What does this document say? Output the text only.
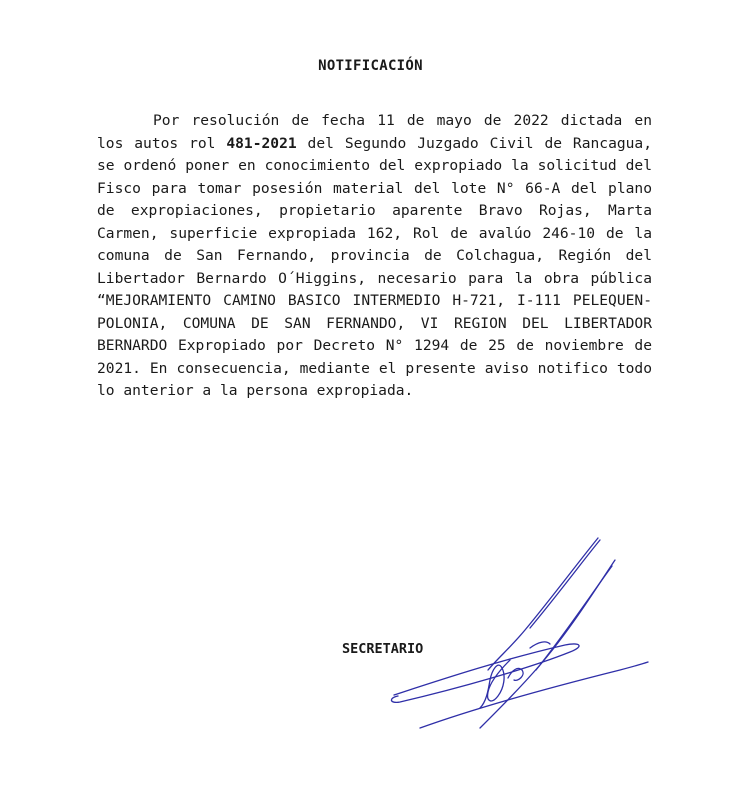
NOTIFICACIÓN

Por resolución de fecha 11 de mayo de 2022 dictada en los autos rol 481-2021 del Segundo Juzgado Civil de Rancagua, se ordenó poner en conocimiento del expropiado la solicitud del Fisco para tomar posesión material del lote N° 66-A del plano de expropiaciones, propietario aparente Bravo Rojas, Marta Carmen, superficie expropiada 162, Rol de avalúo 246-10 de la comuna de San Fernando, provincia de Colchagua, Región del Libertador Bernardo O´Higgins, necesario para la obra pública “MEJORAMIENTO CAMINO BASICO INTERMEDIO H-721, I-111 PELEQUEN-POLONIA, COMUNA DE SAN FERNANDO, VI REGION DEL LIBERTADOR BERNARDO Expropiado por Decreto N° 1294 de 25 de noviembre de 2021. En consecuencia, mediante el presente aviso notifico todo lo anterior a la persona expropiada.

SECRETARIO
